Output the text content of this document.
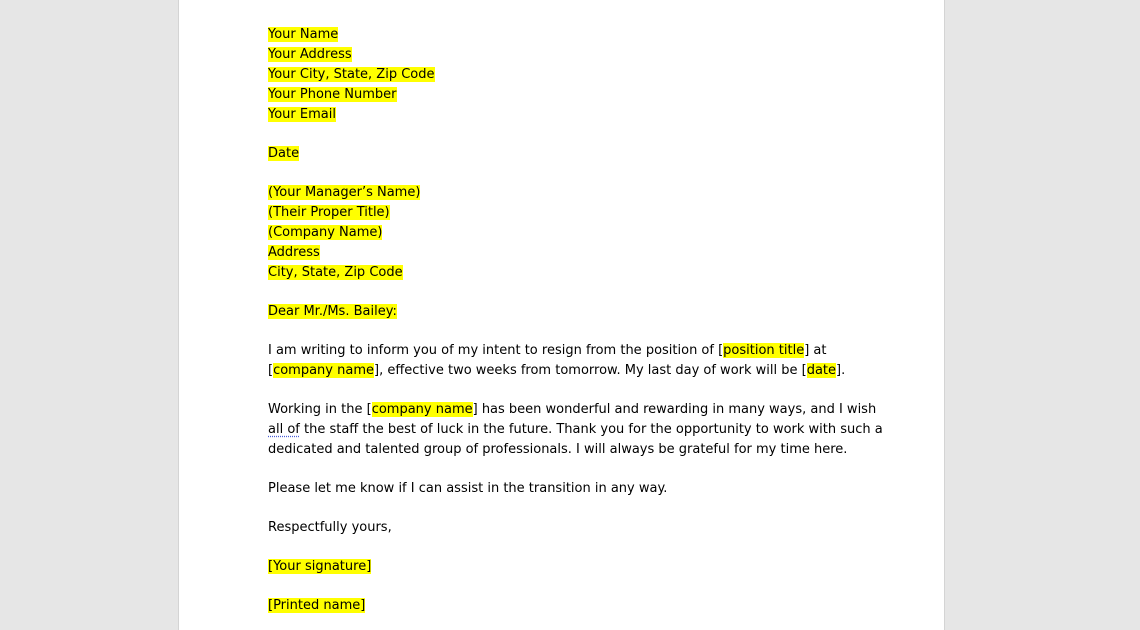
Your Name
Your Address
Your City, State, Zip Code
Your Phone Number
Your Email
Date
(Your Manager’s Name)
(Their Proper Title)
(Company Name)
Address
City, State, Zip Code
Dear Mr./Ms. Bailey:
I am writing to inform you of my intent to resign from the position of [position title] at
[company name], effective two weeks from tomorrow. My last day of work will be [date].
Working in the [company name] has been wonderful and rewarding in many ways, and I wish
all of the staff the best of luck in the future. Thank you for the opportunity to work with such a
dedicated and talented group of professionals. I will always be grateful for my time here.
Please let me know if I can assist in the transition in any way.
Respectfully yours,
[Your signature]
[Printed name]
